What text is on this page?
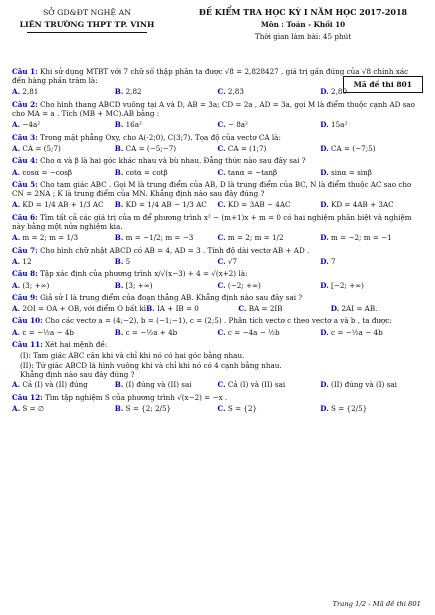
SỞ GD&ĐT NGHỆ AN
LIÊN TRƯỜNG THPT TP. VINH
ĐỀ KIỂM TRA HỌC KỲ I NĂM HỌC 2017-2018
Môn : Toán - Khối 10
Thời gian làm bài: 45 phút
Mã đề thi 801
Câu 1: Khi sử dụng MTBT với 7 chữ số thập phân ta được √8 = 2,828427 , giá trị gần đúng của √8 chính xác đến hàng phần trăm là:
A. 2,81	B. 2,82	C. 2,83	D. 2,80
Câu 2: Cho hình thang ABCD vuông tại A và D, AB = 3a; CD = 2a , AD = 3a, gọi M là điểm thuộc cạnh AD sao cho MA = a . Tích (MB + MC).AB bằng :
A. −4a²	B. 16a²	C. − 8a²	D. 15a²
Câu 3: Trong mặt phẳng Oxy, cho A(-2;0), C(3;7). Tọa độ của vectơ CA là:
A. CA = (5;7)	B. CA = (−5;−7)	C. CA = (1;7)	D. CA = (−7;5)
Câu 4: Cho α và β là hai góc khác nhau và bù nhau. Đẳng thức nào sau đây sai ?
A. cosα = −cosβ	B. cotα = cotβ	C. tanα = −tanβ	D. sinα = sinβ
Câu 5: Cho tam giác ABC . Gọi M là trung điểm của AB, D là trung điểm của BC, N là điểm thuộc AC sao cho CN = 2NA ; K là trung điểm của MN. Khẳng định nào sau đây đúng ?
A. KD = 1/4 AB + 1/3 AC	B. KD = 1/4 AB − 1/3 AC	C. KD = 3AB − 4AC	D. KD = 4AB + 3AC
Câu 6: Tìm tất cả các giá trị của m để phương trình x² − (m+1)x + m = 0 có hai nghiệm phân biệt và nghiệm này bằng một nửa nghiệm kia.
A. m = 2; m = 1/3	B. m = −1/2; m = −3	C. m = 2; m = 1/2	D. m = −2; m = −1
Câu 7: Cho hình chữ nhật ABCD có AB = 4, AD = 3 . Tính độ dài vectơ AB + AD .
A. 12	B. 5	C. √7	D. 7
Câu 8: Tập xác định của phương trình x/√(x−3) + 4 = √(x+2) là:
A. (3; +∞)	B. [3; +∞)	C. (−2; +∞)	D. [−2; +∞)
Câu 9: Giả sử I là trung điểm của đoạn thẳng AB. Khẳng định nào sau đây sai ?
A. 2OI = OA + OB, với điểm O bất kì B. IA + IB = 0	C. BA = 2IB	D. 2AI = AB.
Câu 10: Cho các vectơ a = (4;−2), b = (−1;−1), c = (2;5) . Phân tích vectơ c theo vectơ a và b , ta được:
A. c = −½a − 4b	B. c = −½a + 4b	C. c = −4a − ½b	D. c = −½a − 4b
Câu 11: Xét hai mệnh đề:
(I): Tam giác ABC cân khi và chỉ khi nó có hai góc bằng nhau.
(II): Tứ giác ABCD là hình vuông khi và chỉ khi nó có 4 cạnh bằng nhau.
Khẳng định nào sau đây đúng ?
A. Cả (I) và (II) đúng	B. (I) đúng và (II) sai	C. Cả (I) và (II) sai	D. (II) đúng và (I) sai
Câu 12: Tìm tập nghiệm S của phương trình √(x−2) = −x .
A. S = ∅	B. S = {2; 2/5}	C. S = {2}	D. S = {2/5}
Trang 1/2 - Mã đề thi 801
